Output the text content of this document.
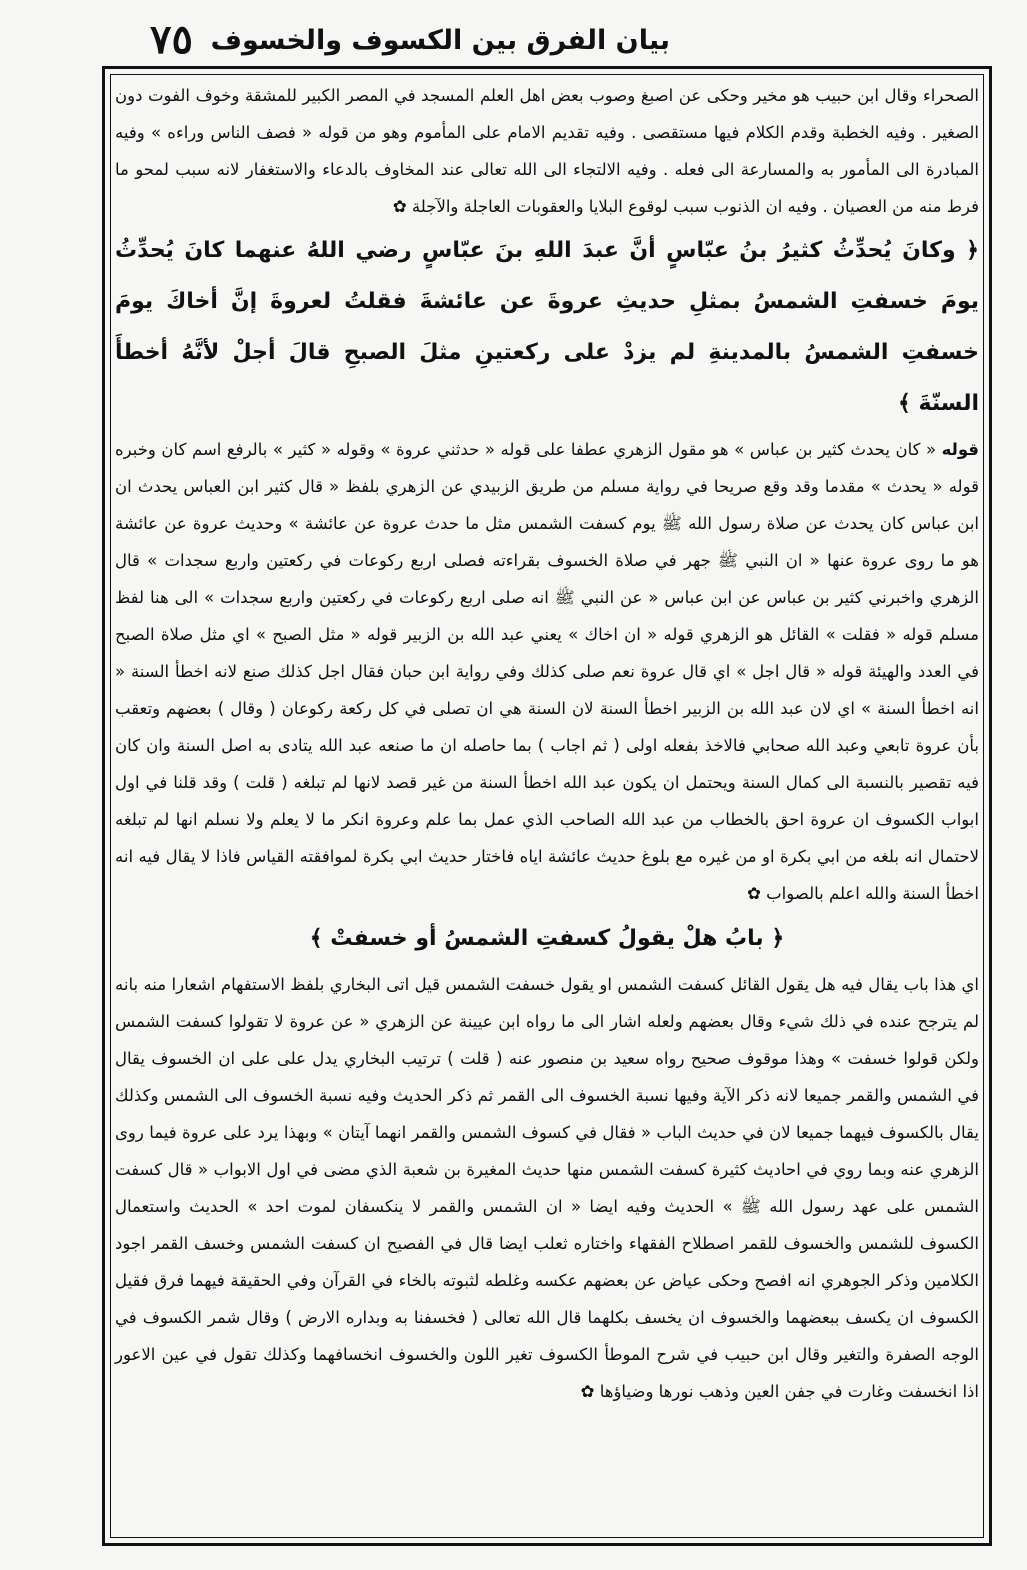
٧٥ بيان الفرق بين الكسوف والخسوف

الصحراء وقال ابن حبيب هو مخير وحكى عن اصبغ وصوب بعض اهل العلم المسجد في المصر الكبير للمشقة وخوف الفوت دون الصغير . وفيه الخطبة وقدم الكلام فيها مستقصى . وفيه تقديم الامام على المأموم وهو من قوله « فصف الناس وراءه » وفيه المبادرة الى المأمور به والمسارعة الى فعله . وفيه الالتجاء الى الله تعالى عند المخاوف بالدعاء والاستغفار لانه سبب لمحو ما فرط منه من العصيان . وفيه ان الذنوب سبب لوقوع البلايا والعقوبات العاجلة والآجلة ✿

﴿ وكانَ يُحدِّثُ كثيرُ بنُ عبّاسٍ أنَّ عبدَ اللهِ بنَ عبّاسٍ رضي اللهُ عنهما كانَ يُحدِّثُ يومَ خسفتِ الشمسُ بمثلِ حديثِ عروةَ عن عائشةَ فقلتُ لعروةَ إنَّ أخاكَ يومَ خسفتِ الشمسُ بالمدينةِ لم يزدْ على ركعتينِ مثلَ الصبحِ قالَ أجلْ لأنَّهُ أخطأَ السنّةَ ﴾

قوله « كان يحدث كثير بن عباس » هو مقول الزهري عطفا على قوله « حدثني عروة » وقوله « كثير » بالرفع اسم كان وخبره قوله « يحدث » مقدما وقد وقع صريحا في رواية مسلم من طريق الزبيدي عن الزهري بلفظ « قال كثير ابن العباس يحدث ان ابن عباس كان يحدث عن صلاة رسول الله ﷺ يوم كسفت الشمس مثل ما حدث عروة عن عائشة » وحديث عروة عن عائشة هو ما روى عروة عنها « ان النبي ﷺ جهر في صلاة الخسوف بقراءته فصلى اربع ركوعات في ركعتين واربع سجدات » قال الزهري واخبرني كثير بن عباس عن ابن عباس « عن النبي ﷺ انه صلى اربع ركوعات في ركعتين واربع سجدات » الى هنا لفظ مسلم قوله « فقلت » القائل هو الزهري قوله « ان اخاك » يعني عبد الله بن الزبير قوله « مثل الصبح » اي مثل صلاة الصبح في العدد والهيئة قوله « قال اجل » اي قال عروة نعم صلى كذلك وفي رواية ابن حبان فقال اجل كذلك صنع لانه اخطأ السنة « انه اخطأ السنة » اي لان عبد الله بن الزبير اخطأ السنة لان السنة هي ان تصلى في كل ركعة ركوعان ( وقال ) بعضهم وتعقب بأن عروة تابعي وعبد الله صحابي فالاخذ بفعله اولى ( ثم اجاب ) بما حاصله ان ما صنعه عبد الله يتادى به اصل السنة وان كان فيه تقصير بالنسبة الى كمال السنة ويحتمل ان يكون عبد الله اخطأ السنة من غير قصد لانها لم تبلغه ( قلت ) وقد قلنا في اول ابواب الكسوف ان عروة احق بالخطاب من عبد الله الصاحب الذي عمل بما علم وعروة انكر ما لا يعلم ولا نسلم انها لم تبلغه لاحتمال انه بلغه من ابي بكرة او من غيره مع بلوغ حديث عائشة اياه فاختار حديث ابي بكرة لموافقته القياس فاذا لا يقال فيه انه اخطأ السنة والله اعلم بالصواب ✿

﴿ بابُ هلْ يقولُ كسفتِ الشمسُ أو خسفتْ ﴾

اي هذا باب يقال فيه هل يقول القائل كسفت الشمس او يقول خسفت الشمس قيل اتى البخاري بلفظ الاستفهام اشعارا منه بانه لم يترجح عنده في ذلك شيء وقال بعضهم ولعله اشار الى ما رواه ابن عيينة عن الزهري « عن عروة لا تقولوا كسفت الشمس ولكن قولوا خسفت » وهذا موقوف صحيح رواه سعيد بن منصور عنه ( قلت ) ترتيب البخاري يدل على على ان الخسوف يقال في الشمس والقمر جميعا لانه ذكر الآية وفيها نسبة الخسوف الى القمر ثم ذكر الحديث وفيه نسبة الخسوف الى الشمس وكذلك يقال بالكسوف فيهما جميعا لان في حديث الباب « فقال في كسوف الشمس والقمر انهما آيتان » وبهذا يرد على عروة فيما روى الزهري عنه وبما روي في احاديث كثيرة كسفت الشمس منها حديث المغيرة بن شعبة الذي مضى في اول الابواب « قال كسفت الشمس على عهد رسول الله ﷺ » الحديث وفيه ايضا « ان الشمس والقمر لا ينكسفان لموت احد » الحديث واستعمال الكسوف للشمس والخسوف للقمر اصطلاح الفقهاء واختاره ثعلب ايضا قال في الفصيح ان كسفت الشمس وخسف القمر اجود الكلامين وذكر الجوهري انه افصح وحكى عياض عن بعضهم عكسه وغلطه لثبوته بالخاء في القرآن وفي الحقيقة فيهما فرق فقيل الكسوف ان يكسف ببعضهما والخسوف ان يخسف بكلهما قال الله تعالى ( فخسفنا به وبداره الارض ) وقال شمر الكسوف في الوجه الصفرة والتغير وقال ابن حبيب في شرح الموطأ الكسوف تغير اللون والخسوف انخسافهما وكذلك تقول في عين الاعور اذا انخسفت وغارت في جفن العين وذهب نورها وضياؤها ✿
